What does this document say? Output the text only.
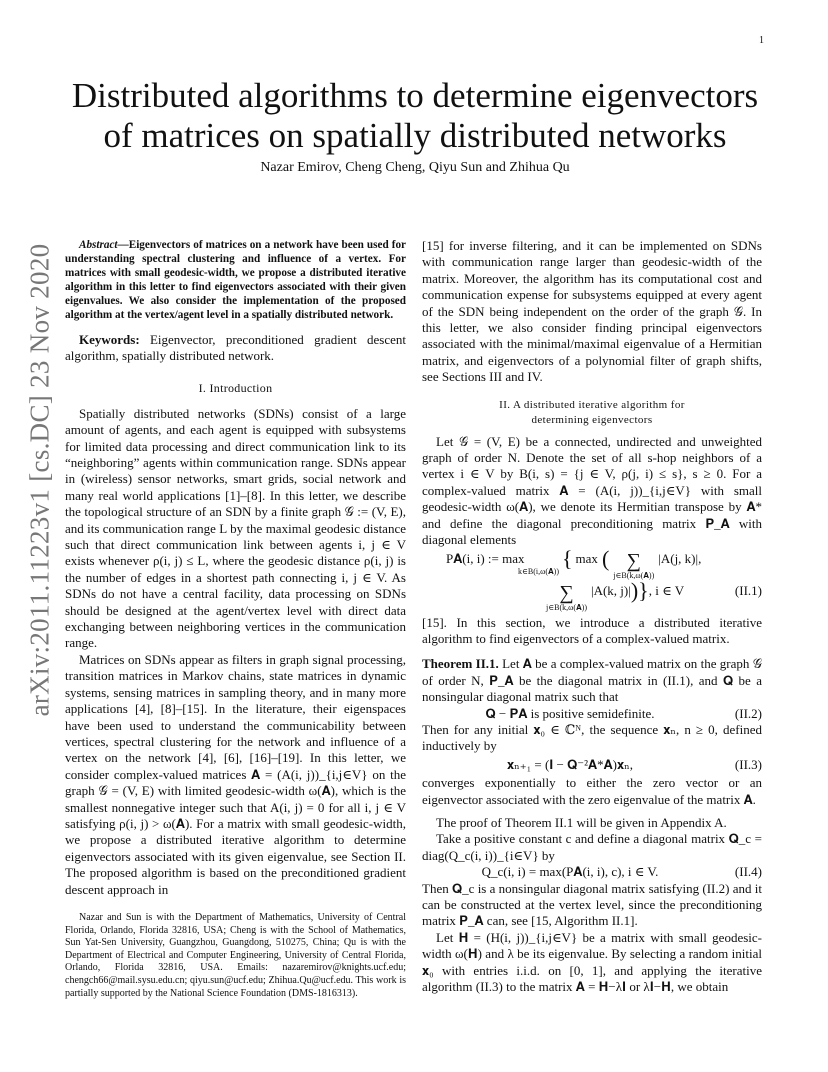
1
arXiv:2011.11223v1 [cs.DC] 23 Nov 2020
Distributed algorithms to determine eigenvectors of matrices on spatially distributed networks
Nazar Emirov, Cheng Cheng, Qiyu Sun and Zhihua Qu

Abstract—Eigenvectors of matrices on a network have been used for understanding spectral clustering and influence of a vertex. For matrices with small geodesic-width, we propose a distributed iterative algorithm in this letter to find eigenvectors associated with their given eigenvalues. We also consider the implementation of the proposed algorithm at the vertex/agent level in a spatially distributed network.

Keywords: Eigenvector, preconditioned gradient descent algorithm, spatially distributed network.

I. Introduction

Spatially distributed networks (SDNs) consist of a large amount of agents, and each agent is equipped with subsystems for limited data processing and direct communication link to its “neighboring” agents within communication range. SDNs appear in (wireless) sensor networks, smart grids, social network and many real world applications [1]–[8]. In this letter, we describe the topological structure of an SDN by a finite graph 𝒢 := (V, E), and its communication range L by the maximal geodesic distance such that direct communication link between agents i, j ∈ V exists whenever ρ(i, j) ≤ L, where the geodesic distance ρ(i, j) is the number of edges in a shortest path connecting i, j ∈ V. As SDNs do not have a central facility, data processing on SDNs should be designed at the agent/vertex level with direct data exchanging between neighboring vertices in the communication range.

Matrices on SDNs appear as filters in graph signal processing, transition matrices in Markov chains, state matrices in dynamic systems, sensing matrices in sampling theory, and in many more applications [4], [8]–[15]. In the literature, their eigenspaces have been used to understand the communicability between vertices, spectral clustering for the network and influence of a vertex on the network [4], [6], [16]–[19]. In this letter, we consider complex-valued matrices 𝐀 = (A(i, j))_{i,j∈V} on the graph 𝒢 = (V, E) with limited geodesic-width ω(𝐀), which is the smallest nonnegative integer such that A(i, j) = 0 for all i, j ∈ V satisfying ρ(i, j) > ω(𝐀). For a matrix with small geodesic-width, we propose a distributed iterative algorithm to determine eigenvectors associated with its given eigenvalue, see Section II. The proposed algorithm is based on the preconditioned gradient descent approach in

Nazar and Sun is with the Department of Mathematics, University of Central Florida, Orlando, Florida 32816, USA; Cheng is with the School of Mathematics, Sun Yat-Sen University, Guangzhou, Guangdong, 510275, China; Qu is with the Department of Electrical and Computer Engineering, University of Central Florida, Orlando, Florida 32816, USA. Emails: nazaremirov@knights.ucf.edu; chengch66@mail.sysu.edu.cn; qiyu.sun@ucf.edu; Zhihua.Qu@ucf.edu. This work is partially supported by the National Science Foundation (DMS-1816313).

[15] for inverse filtering, and it can be implemented on SDNs with communication range larger than geodesic-width of the matrix. Moreover, the algorithm has its computational cost and communication expense for subsystems equipped at every agent of the SDN being independent on the order of the graph 𝒢. In this letter, we also consider finding principal eigenvectors associated with the minimal/maximal eigenvalue of a Hermitian matrix, and eigenvectors of a polynomial filter of graph shifts, see Sections III and IV.

II. A distributed iterative algorithm for

determining eigenvectors

Let 𝒢 = (V, E) be a connected, undirected and unweighted graph of order N. Denote the set of all s-hop neighbors of a vertex i ∈ V by B(i, s) = {j ∈ V, ρ(j, i) ≤ s}, s ≥ 0. For a complex-valued matrix 𝐀 = (A(i, j))_{i,j∈V} with small geodesic-width ω(𝐀), we denote its Hermitian transpose by 𝐀* and define the diagonal preconditioning matrix 𝐏_𝐀 with diagonal elements

P𝐀(i, i) := max
k∈B(i,ω(𝐀))
{ max ( ∑
j∈B(k,ω(𝐀))
|A(j, k)|,
∑
j∈B(k,ω(𝐀))
|A(k, j)| )} , i ∈ V	(II.1)

[15]. In this section, we introduce a distributed iterative algorithm to find eigenvectors of a complex-valued matrix.

Theorem II.1. Let 𝐀 be a complex-valued matrix on the graph 𝒢 of order N, 𝐏_𝐀 be the diagonal matrix in (II.1), and 𝐐 be a nonsingular diagonal matrix such that

𝐐 − 𝐏𝐀 is positive semidefinite.	(II.2)

Then for any initial 𝐱₀ ∈ ℂᴺ, the sequence 𝐱ₙ, n ≥ 0, defined inductively by

𝐱ₙ₊₁ = (𝐈 − 𝐐⁻²𝐀*𝐀)𝐱ₙ,	(II.3)

converges exponentially to either the zero vector or an eigenvector associated with the zero eigenvalue of the matrix 𝐀.

The proof of Theorem II.1 will be given in Appendix A.

Take a positive constant c and define a diagonal matrix 𝐐_c = diag(Q_c(i, i))_{i∈V} by

Q_c(i, i) = max(P𝐀(i, i), c), i ∈ V.	(II.4)

Then 𝐐_c is a nonsingular diagonal matrix satisfying (II.2) and it can be constructed at the vertex level, since the preconditioning matrix 𝐏_𝐀 can, see [15, Algorithm II.1].

Let 𝐇 = (H(i, j))_{i,j∈V} be a matrix with small geodesic-width ω(𝐇) and λ be its eigenvalue. By selecting a random initial 𝐱₀ with entries i.i.d. on [0, 1], and applying the iterative algorithm (II.3) to the matrix 𝐀 = 𝐇−λ𝐈 or λ𝐈−𝐇, we obtain
